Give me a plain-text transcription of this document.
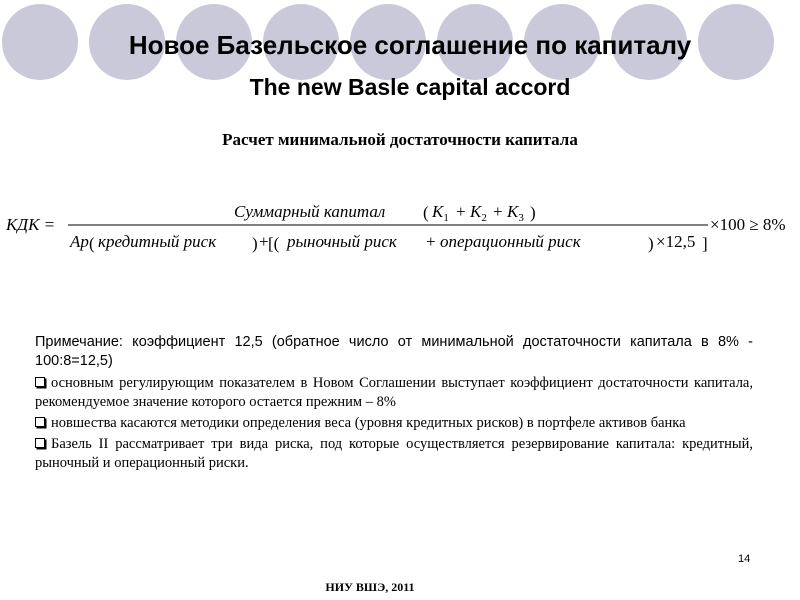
Новое Базельское соглашение по капиталу
The new Basle capital accord
Расчет минимальной достаточности капитала
КДК =
Суммарный капитал ( $K_1 + K_2 + K_3$ )
Ар ( кредитный риск ) + [( рыночный риск + операционный риск	) ×12,5 ]
×100 ≥ 8%

Примечание: коэффициент 12,5 (обратное число от минимальной достаточности капитала в 8% - 100:8=12,5)

основным регулирующим показателем в Новом Соглашении выступает коэффициент достаточности капитала, рекомендуемое значение которого остается прежним – 8%

новшества касаются методики определения веса (уровня кредитных рисков) в портфеле активов банка

Базель II рассматривает три вида риска, под которые осуществляется резервирование капитала: кредитный, рыночный и операционный риски.

14
НИУ ВШЭ, 2011
